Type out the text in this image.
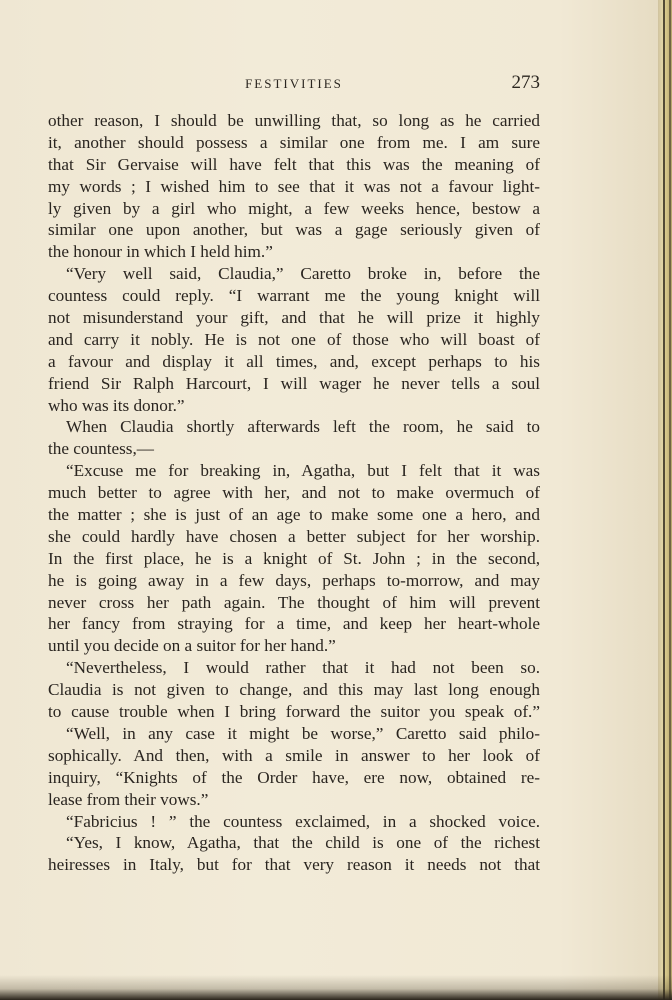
FESTIVITIES	273
other reason, I should be unwilling that, so long as he carried
it, another should possess a similar one from me. I am sure
that Sir Gervaise will have felt that this was the meaning of
my words ; I wished him to see that it was not a favour light-
ly given by a girl who might, a few weeks hence, bestow a
similar one upon another, but was a gage seriously given of
the honour in which I held him.”
“Very well said, Claudia,” Caretto broke in, before the
countess could reply. “I warrant me the young knight will
not misunderstand your gift, and that he will prize it highly
and carry it nobly. He is not one of those who will boast of
a favour and display it all times, and, except perhaps to his
friend Sir Ralph Harcourt, I will wager he never tells a soul
who was its donor.”
When Claudia shortly afterwards left the room, he said to
the countess,—
“Excuse me for breaking in, Agatha, but I felt that it was
much better to agree with her, and not to make overmuch of
the matter ; she is just of an age to make some one a hero, and
she could hardly have chosen a better subject for her worship.
In the first place, he is a knight of St. John ; in the second,
he is going away in a few days, perhaps to-morrow, and may
never cross her path again. The thought of him will prevent
her fancy from straying for a time, and keep her heart-whole
until you decide on a suitor for her hand.”
“Nevertheless, I would rather that it had not been so.
Claudia is not given to change, and this may last long enough
to cause trouble when I bring forward the suitor you speak of.”
“Well, in any case it might be worse,” Caretto said philo-
sophically. And then, with a smile in answer to her look of
inquiry, “Knights of the Order have, ere now, obtained re-
lease from their vows.”
“Fabricius ! ” the countess exclaimed, in a shocked voice.
“Yes, I know, Agatha, that the child is one of the richest
heiresses in Italy, but for that very reason it needs not that
